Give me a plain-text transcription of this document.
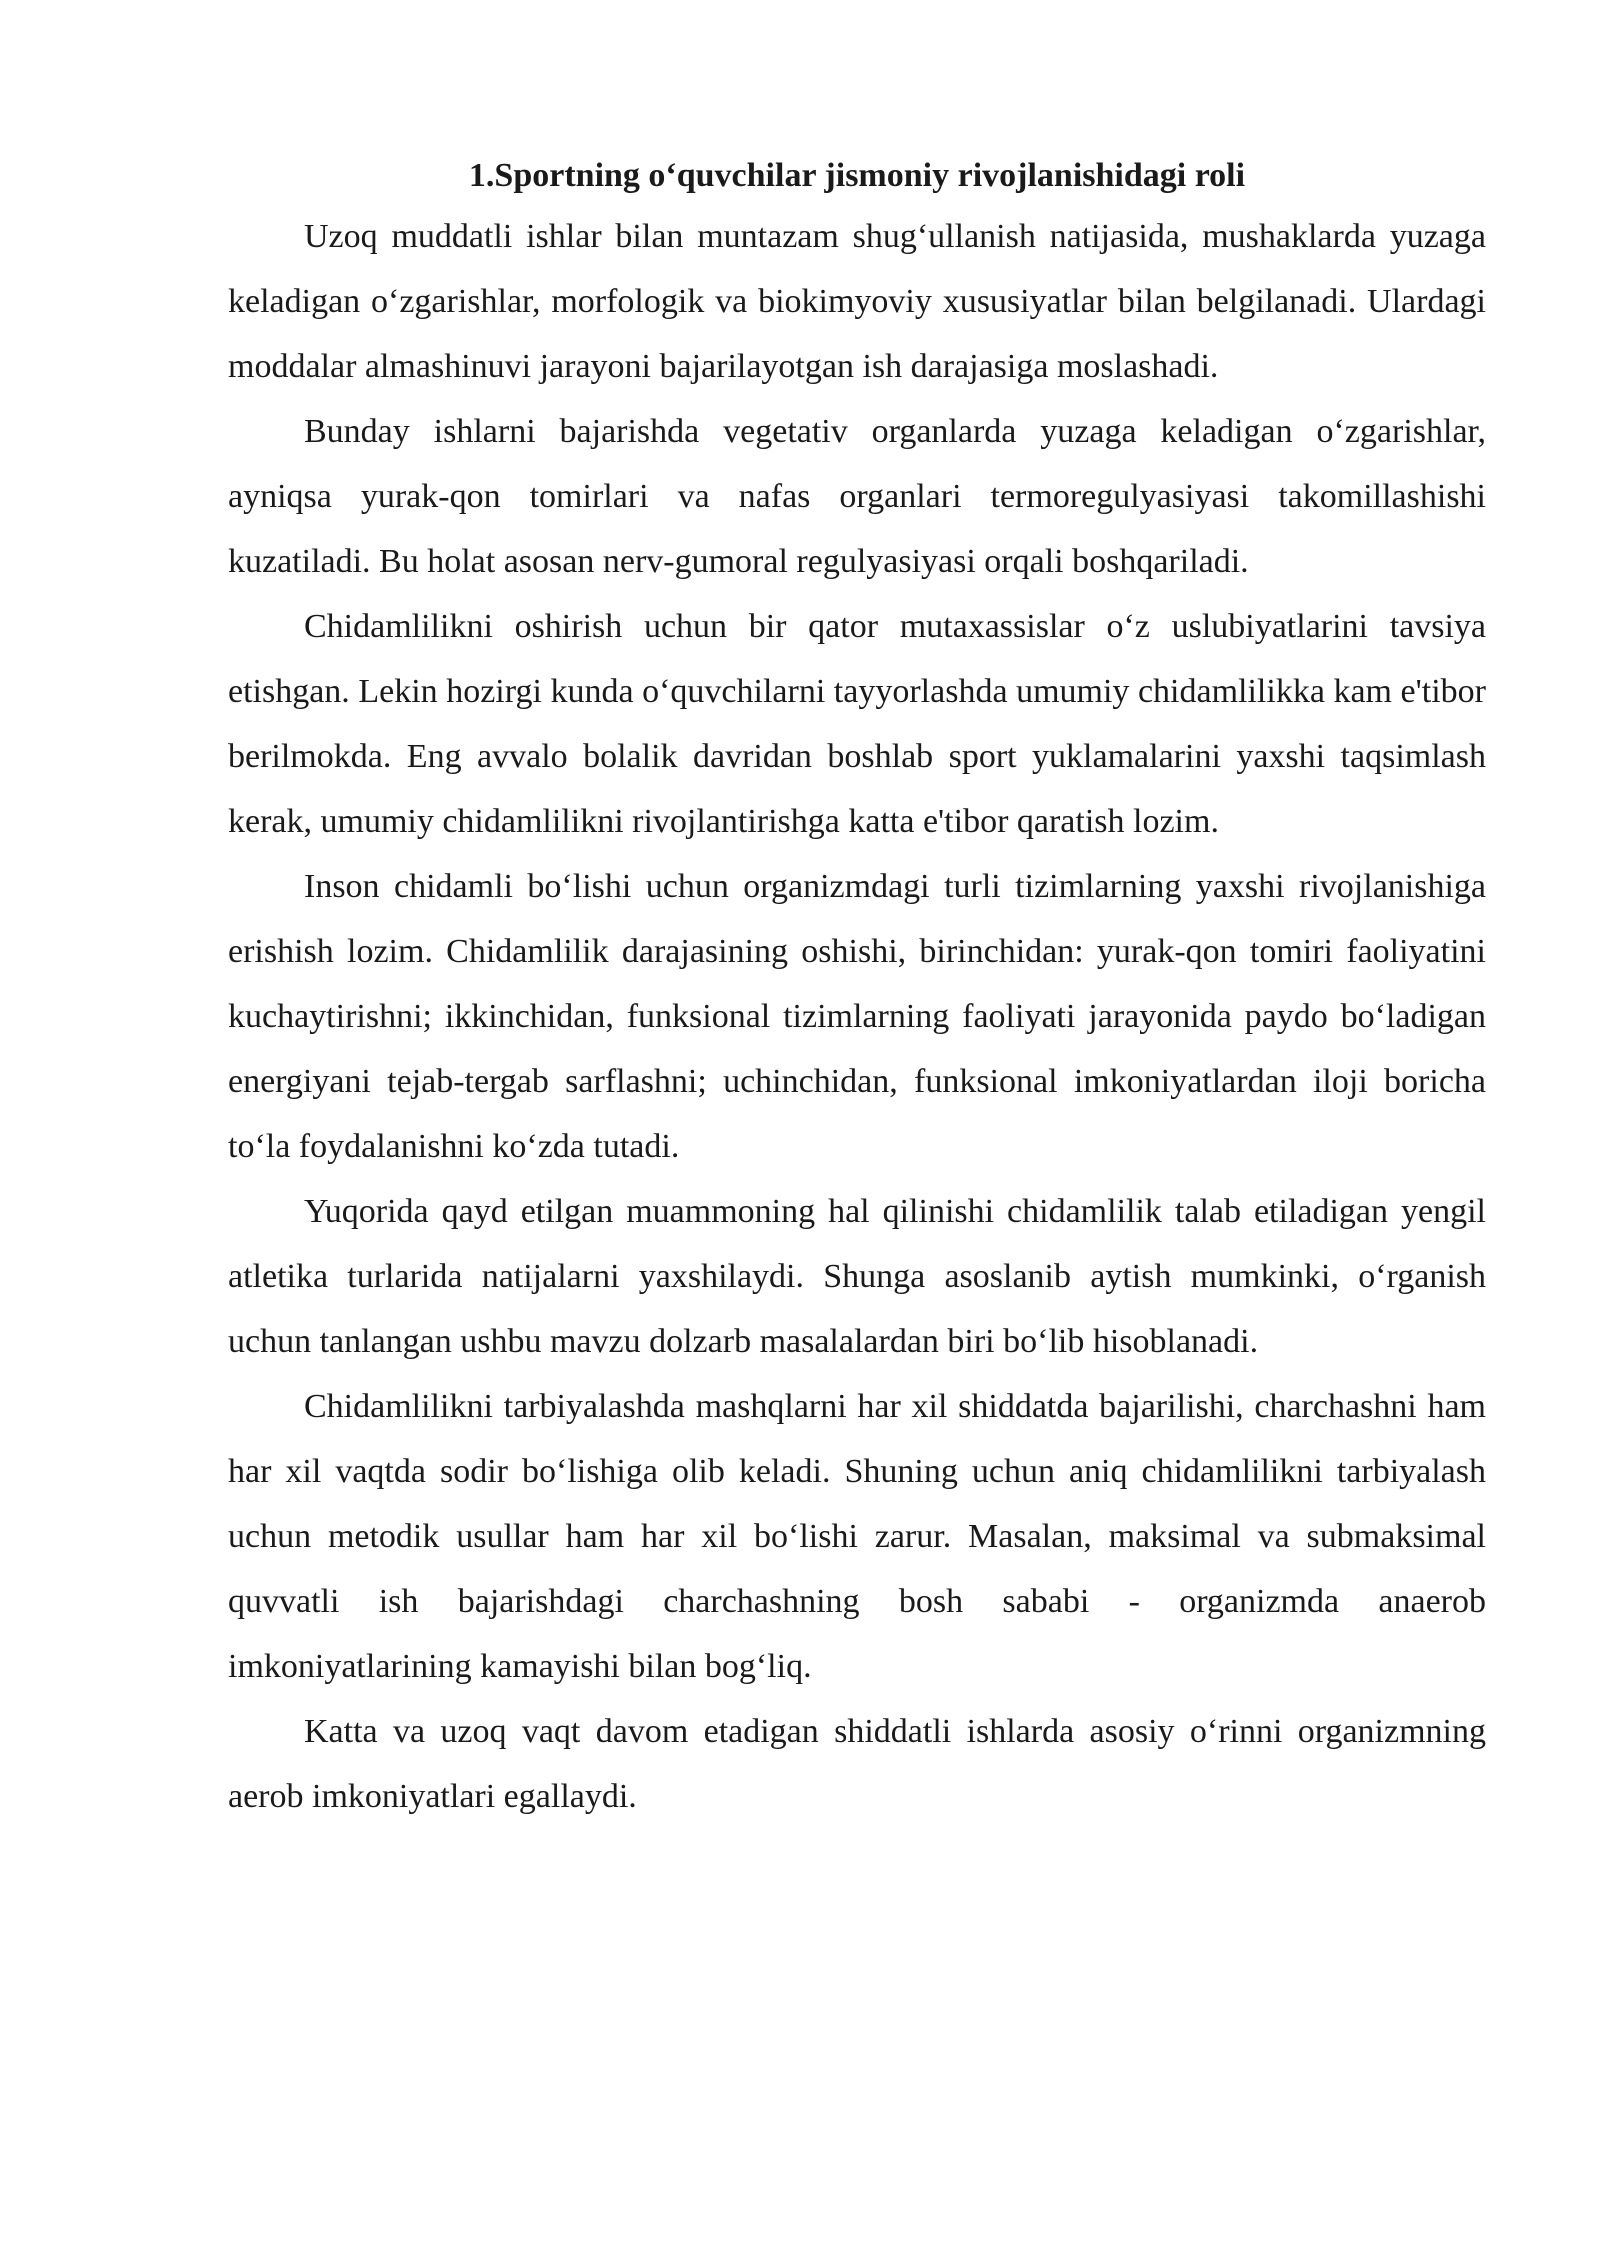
1.Sportning o‘quvchilar jismoniy rivojlanishidagi roli

Uzoq muddatli ishlar bilan muntazam shug‘ullanish natijasida, mushaklarda yuzaga keladigan o‘zgarishlar, morfologik va biokimyoviy xususiyatlar bilan belgilanadi. Ulardagi moddalar almashinuvi jarayoni bajarilayotgan ish darajasiga moslashadi.

Bunday ishlarni bajarishda vegetativ organlarda yuzaga keladigan o‘zgarishlar, ayniqsa yurak-qon tomirlari va nafas organlari termoregulyasiyasi takomillashishi kuzatiladi. Bu holat asosan nerv-gumoral regulyasiyasi orqali boshqariladi.

Chidamlilikni oshirish uchun bir qator mutaxassislar o‘z uslubiyatlarini tavsiya etishgan. Lekin hozirgi kunda o‘quvchilarni tayyorlashda umumiy chidamlilikka kam e'tibor berilmokda. Eng avvalo bolalik davridan boshlab sport yuklamalarini yaxshi taqsimlash kerak, umumiy chidamlilikni rivojlantirishga katta e'tibor qaratish lozim.

Inson chidamli bo‘lishi uchun organizmdagi turli tizimlarning yaxshi rivojlanishiga erishish lozim. Chidamlilik darajasining oshishi, birinchidan: yurak-qon tomiri faoliyatini kuchaytirishni; ikkinchidan, funksional tizimlarning faoliyati jarayonida paydo bo‘ladigan energiyani tejab-tergab sarflashni; uchinchidan, funksional imkoniyatlardan iloji boricha to‘la foydalanishni ko‘zda tutadi.

Yuqorida qayd etilgan muammoning hal qilinishi chidamlilik talab etiladigan yengil atletika turlarida natijalarni yaxshilaydi. Shunga asoslanib aytish mumkinki, o‘rganish uchun tanlangan ushbu mavzu dolzarb masalalardan biri bo‘lib hisoblanadi.

Chidamlilikni tarbiyalashda mashqlarni har xil shiddatda bajarilishi, charchashni ham har xil vaqtda sodir bo‘lishiga olib keladi. Shuning uchun aniq chidamlilikni tarbiyalash uchun metodik usullar ham har xil bo‘lishi zarur. Masalan, maksimal va submaksimal quvvatli ish bajarishdagi charchashning bosh sababi - organizmda anaerob imkoniyatlarining kamayishi bilan bog‘liq.

Katta va uzoq vaqt davom etadigan shiddatli ishlarda asosiy o‘rinni organizmning aerob imkoniyatlari egallaydi.
